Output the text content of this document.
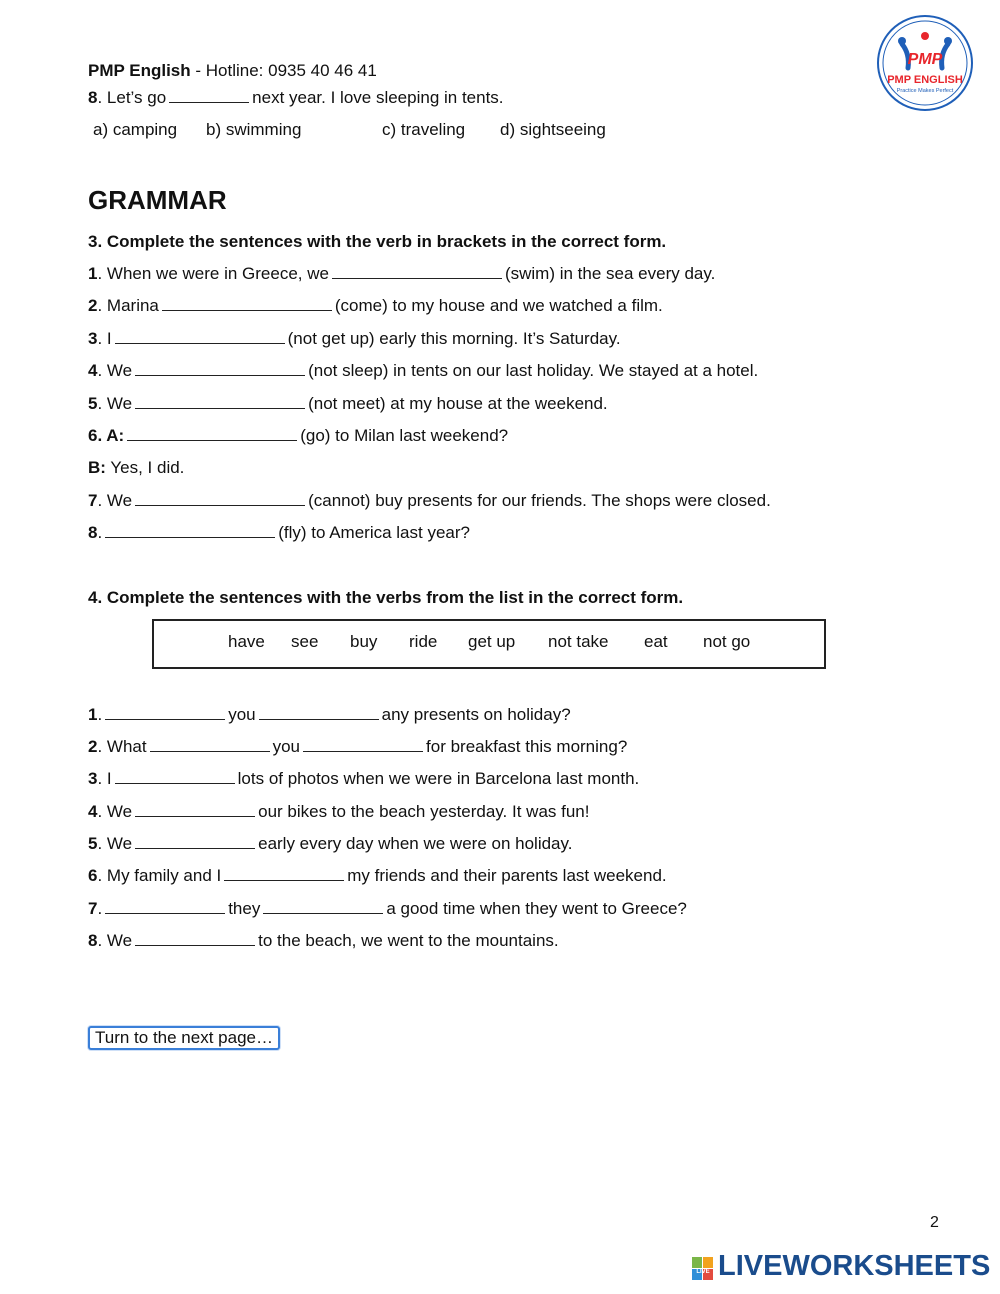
PMP
PMP ENGLISH
Practice Makes Perfect
PMP English - Hotline: 0935 40 46 41
8. Let’s go	next year. I love sleeping in tents.
a) camping b) swimming	c) traveling d) sightseeing
GRAMMAR
3. Complete the sentences with the verb in brackets in the correct form.
1. When we were in Greece, we	(swim) in the sea every day.
2. Marina	(come) to my house and we watched a film.
3. I	(not get up) early this morning. It’s Saturday.
4. We	(not sleep) in tents on our last holiday. We stayed at a hotel.
5. We	(not meet) at my house at the weekend.
6. A:	(go) to Milan last weekend?
B: Yes, I did.
7. We	(cannot) buy presents for our friends. The shops were closed.
8.	(fly) to America last year?
4. Complete the sentences with the verbs from the list in the correct form.
have see buy ride get up not take eat not go
1.	you	any presents on holiday?
2. What	you	for breakfast this morning?
3. I	lots of photos when we were in Barcelona last month.
4. We	our bikes to the beach yesterday. It was fun!
5. We	early every day when we were on holiday.
6. My family and I	my friends and their parents last weekend.
7.	they	a good time when they went to Greece?
8. We	to the beach, we went to the mountains.
Turn to the next page…
2
LIVE LIVEWORKSHEETS
